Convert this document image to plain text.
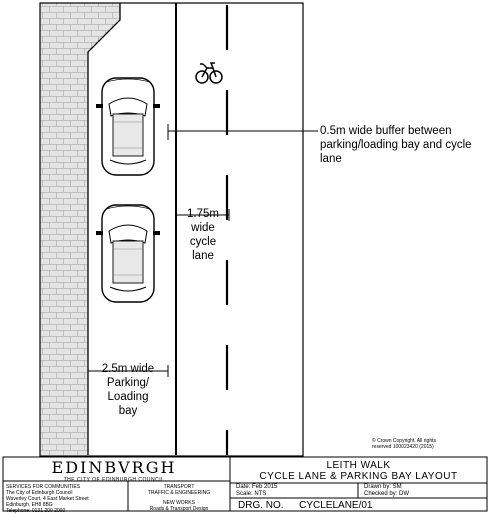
0.5m wide buffer between parking/loading bay and cycle lane
1.75m
wide
cycle
lane
2.5m wide
Parking/
Loading
bay
© Crown Copyright. All rights reserved 100023420 (2015)
EDINBVRGH
THE CITY OF EDINBURGH COUNCIL
SERVICES FOR COMMUNITIES
The City of Edinburgh Council
Waverley Court, 4 East Market Street
Edinburgh, EH8 8BG
Telephone: 0131 200 2000
TRANSPORT
TRAFFIC & ENGINEERING
NEW WORKS
Roads & Transport Design
LEITH WALK
CYCLE LANE & PARKING BAY LAYOUT
Date: Feb 2015
Scale: NTS
Drawn by: SM
Checked by: DW
DRG. NO. CYCLELANE/01
